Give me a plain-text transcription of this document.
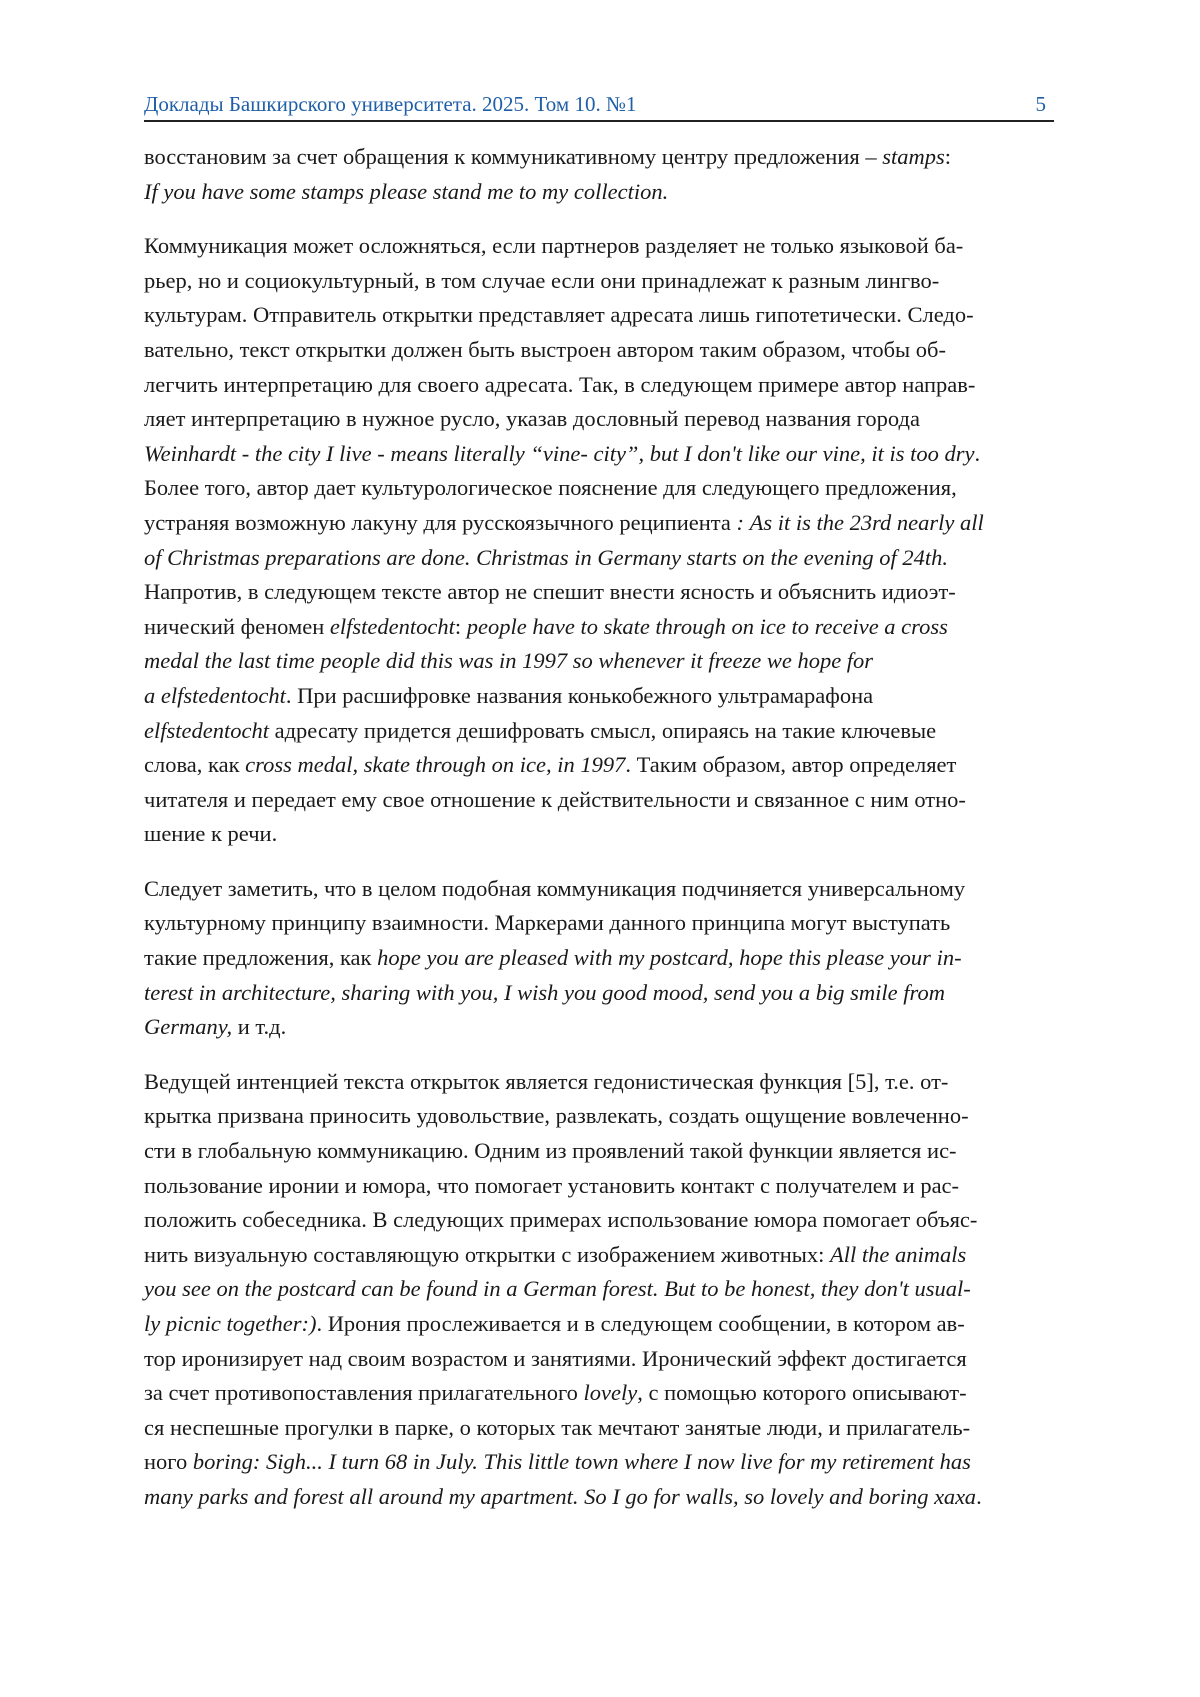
Доклады Башкирского университета. 2025. Том 10. №1	5

восстановим за счет обращения к коммуникативному центру предложения – stamps:
If you have some stamps please stand me to my collection.

Коммуникация может осложняться, если партнеров разделяет не только языковой ба-
рьер, но и социокультурный, в том случае если они принадлежат к разным лингво-
культурам. Отправитель открытки представляет адресата лишь гипотетически. Следо-
вательно, текст открытки должен быть выстроен автором таким образом, чтобы об-
легчить интерпретацию для своего адресата. Так, в следующем примере автор направ-
ляет интерпретацию в нужное русло, указав дословный перевод названия города
Weinhardt - the city I live - means literally “vine- city”, but I don't like our vine, it is too dry.
Более того, автор дает культурологическое пояснение для следующего предложения,
устраняя возможную лакуну для русскоязычного реципиента : As it is the 23rd nearly all
of Christmas preparations are done. Christmas in Germany starts on the evening of 24th.
Напротив, в следующем тексте автор не спешит внести ясность и объяснить идиоэт-
нический феномен elfstedentocht: people have to skate through on ice to receive a cross
medal the last time people did this was in 1997 so whenever it freeze we hope for
a elfstedentocht. При расшифровке названия конькобежного ультрамарафона
elfstedentocht адресату придется дешифровать смысл, опираясь на такие ключевые
слова, как cross medal, skate through on ice, in 1997. Таким образом, автор определяет
читателя и передает ему свое отношение к действительности и связанное с ним отно-
шение к речи.

Следует заметить, что в целом подобная коммуникация подчиняется универсальному
культурному принципу взаимности. Маркерами данного принципа могут выступать
такие предложения, как hope you are pleased with my postcard, hope this please your in-
terest in architecture, sharing with you, I wish you good mood, send you a big smile from
Germany, и т.д.

Ведущей интенцией текста открыток является гедонистическая функция [5], т.е. от-
крытка призвана приносить удовольствие, развлекать, создать ощущение вовлеченно-
сти в глобальную коммуникацию. Одним из проявлений такой функции является ис-
пользование иронии и юмора, что помогает установить контакт с получателем и рас-
положить собеседника. В следующих примерах использование юмора помогает объяс-
нить визуальную составляющую открытки с изображением животных: All the animals
you see on the postcard can be found in a German forest. But to be honest, they don't usual-
ly picnic together:). Ирония прослеживается и в следующем сообщении, в котором ав-
тор иронизирует над своим возрастом и занятиями. Иронический эффект достигается
за счет противопоставления прилагательного lovely, с помощью которого описывают-
ся неспешные прогулки в парке, о которых так мечтают занятые люди, и прилагатель-
ного boring: Sigh... I turn 68 in July. This little town where I now live for my retirement has
many parks and forest all around my apartment. So I go for walls, so lovely and boring хаха.
